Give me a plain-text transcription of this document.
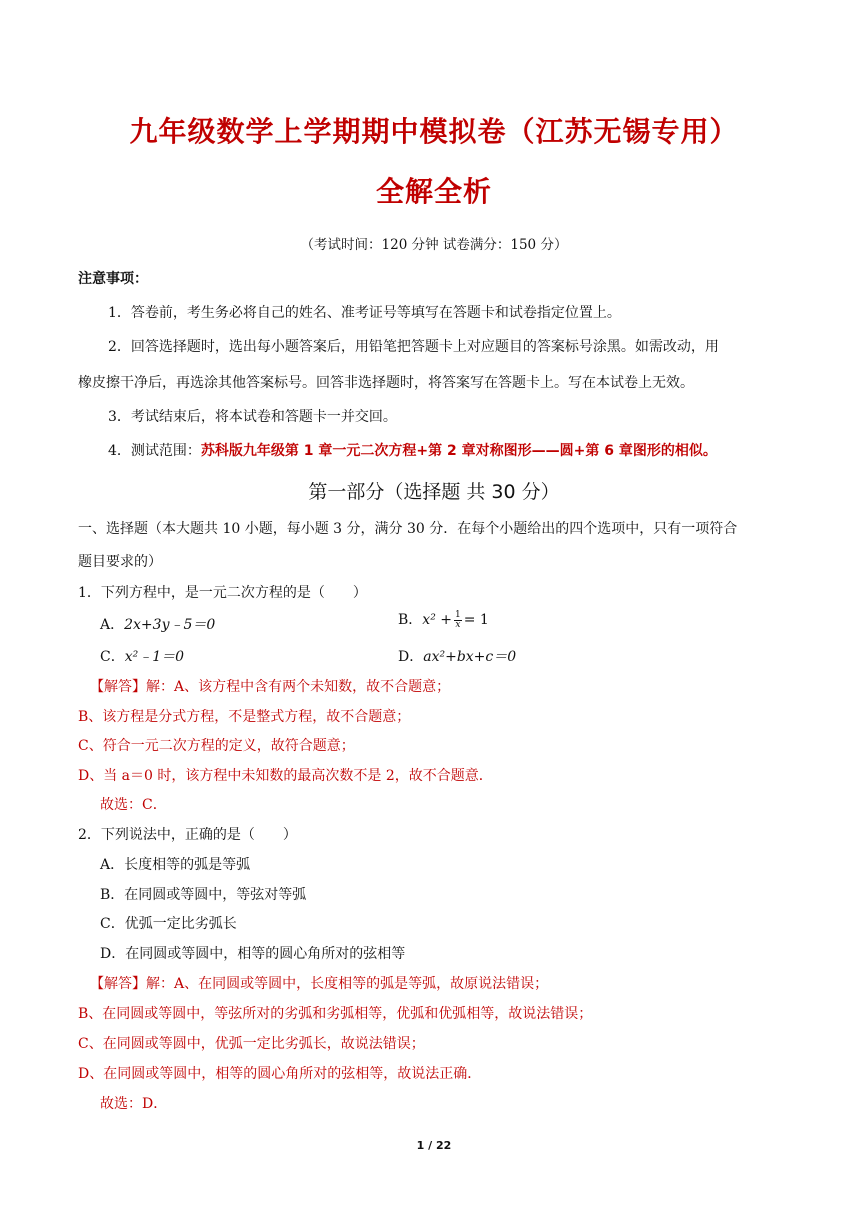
九年级数学上学期期中模拟卷（江苏无锡专用）
全解全析
（考试时间：120 分钟 试卷满分：150 分）
注意事项：
1．答卷前，考生务必将自己的姓名、准考证号等填写在答题卡和试卷指定位置上。
2．回答选择题时，选出每小题答案后，用铅笔把答题卡上对应题目的答案标号涂黑。如需改动，用
橡皮擦干净后，再选涂其他答案标号。回答非选择题时，将答案写在答题卡上。写在本试卷上无效。
3．考试结束后，将本试卷和答题卡一并交回。
4．测试范围：苏科版九年级第 1 章一元二次方程+第 2 章对称图形——圆+第 6 章图形的相似。
第一部分（选择题 共 30 分）
一、选择题（本大题共 10 小题，每小题 3 分，满分 30 分．在每个小题给出的四个选项中，只有一项符合
题目要求的）
1．下列方程中，是一元二次方程的是（　　）
A．2x+3y﹣5＝0	B．$x^2 + \frac{1}{x} = 1$
C．x²﹣1＝0	D．ax²+bx+c＝0
【解答】解：A、该方程中含有两个未知数，故不合题意；
B、该方程是分式方程，不是整式方程，故不合题意；
C、符合一元二次方程的定义，故符合题意；
D、当 a＝0 时，该方程中未知数的最高次数不是 2，故不合题意．
故选：C．
2．下列说法中，正确的是（　　）
A．长度相等的弧是等弧
B．在同圆或等圆中，等弦对等弧
C．优弧一定比劣弧长
D．在同圆或等圆中，相等的圆心角所对的弦相等
【解答】解：A、在同圆或等圆中，长度相等的弧是等弧，故原说法错误；
B、在同圆或等圆中，等弦所对的劣弧和劣弧相等，优弧和优弧相等，故说法错误；
C、在同圆或等圆中，优弧一定比劣弧长，故说法错误；
D、在同圆或等圆中，相等的圆心角所对的弦相等，故说法正确．
故选：D．
1 / 22
